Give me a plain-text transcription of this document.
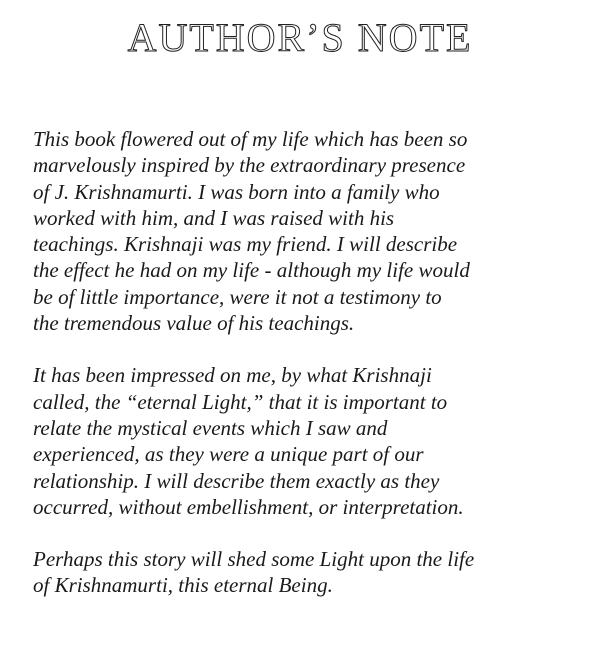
AUTHOR’S NOTE

This book flowered out of my life which has been so
marvelously inspired by the extraordinary presence
of J. Krishnamurti. I was born into a family who
worked with him, and I was raised with his
teachings. Krishnaji was my friend. I will describe
the effect he had on my life - although my life would
be of little importance, were it not a testimony to
the tremendous value of his teachings.

It has been impressed on me, by what Krishnaji
called, the “eternal Light,” that it is important to
relate the mystical events which I saw and
experienced, as they were a unique part of our
relationship. I will describe them exactly as they
occurred, without embellishment, or interpretation.

Perhaps this story will shed some Light upon the life
of Krishnamurti, this eternal Being.
